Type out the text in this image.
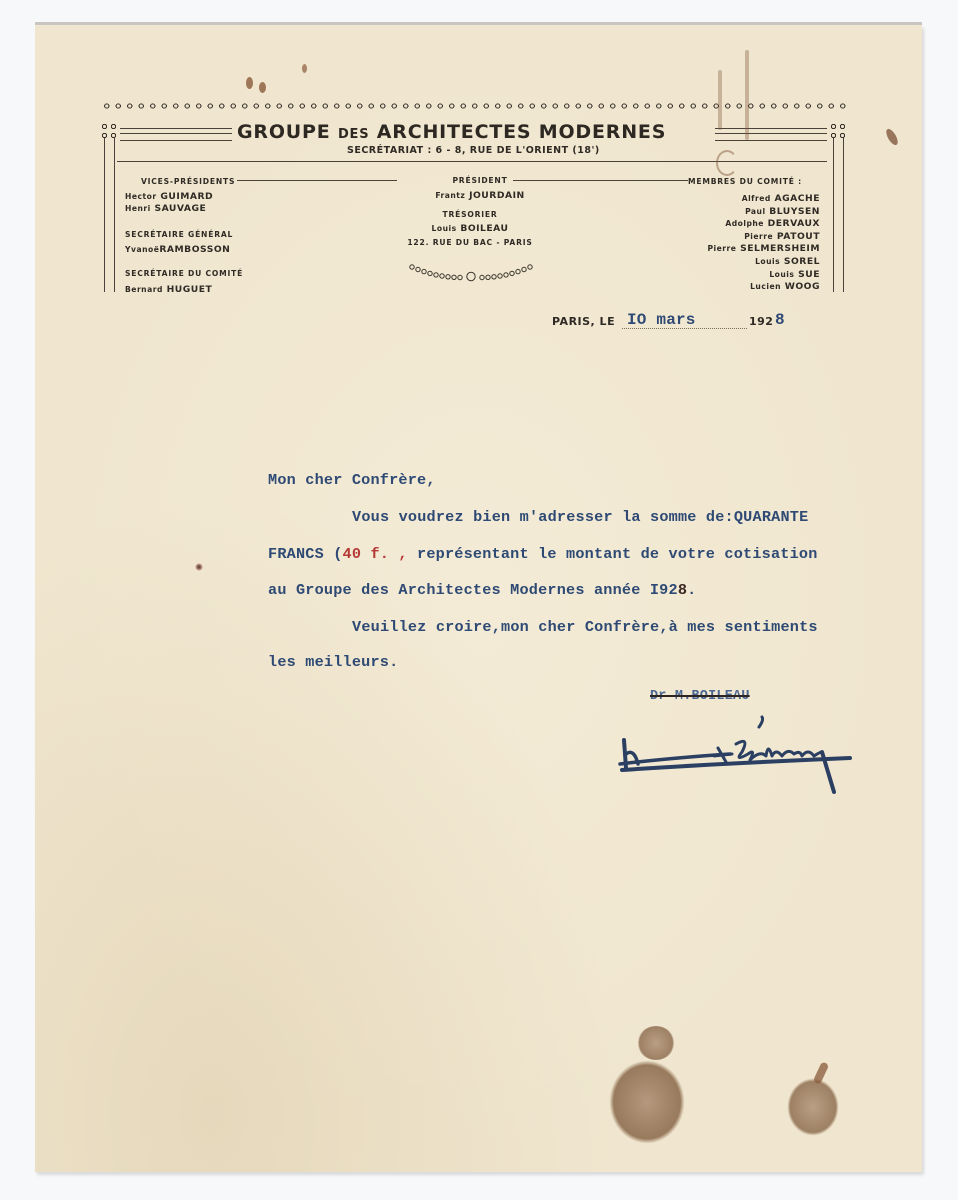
GROUPE DES ARCHITECTES MODERNES
SECRÉTARIAT : 6 - 8, RUE DE L'ORIENT (18')
VICES-PRÉSIDENTS
Hector GUIMARD
Henri SAUVAGE
SECRÉTAIRE GÉNÉRAL
YvanoëRAMBOSSON
SECRÉTAIRE DU COMITÉ
Bernard HUGUET
PRÉSIDENT
Frantz JOURDAIN
TRÉSORIER
Louis BOILEAU
122. RUE DU BAC - PARIS
MEMBRES DU COMITÉ :
Alfred AGACHE
Paul BLUYSEN
Adolphe DERVAUX
Pierre PATOUT
Pierre SELMERSHEIM
Louis SOREL
Louis SUE
Lucien WOOG
PARIS, LE IO mars	192 8
Mon cher Confrère,
Vous voudrez bien m'adresser la somme de:QUARANTE
FRANCS (40 f. , représentant le montant de votre cotisation
au Groupe des Architectes Modernes année I928.
Veuillez croire,mon cher Confrère,à mes sentiments
les meilleurs.
Dr M.BOILEAU
